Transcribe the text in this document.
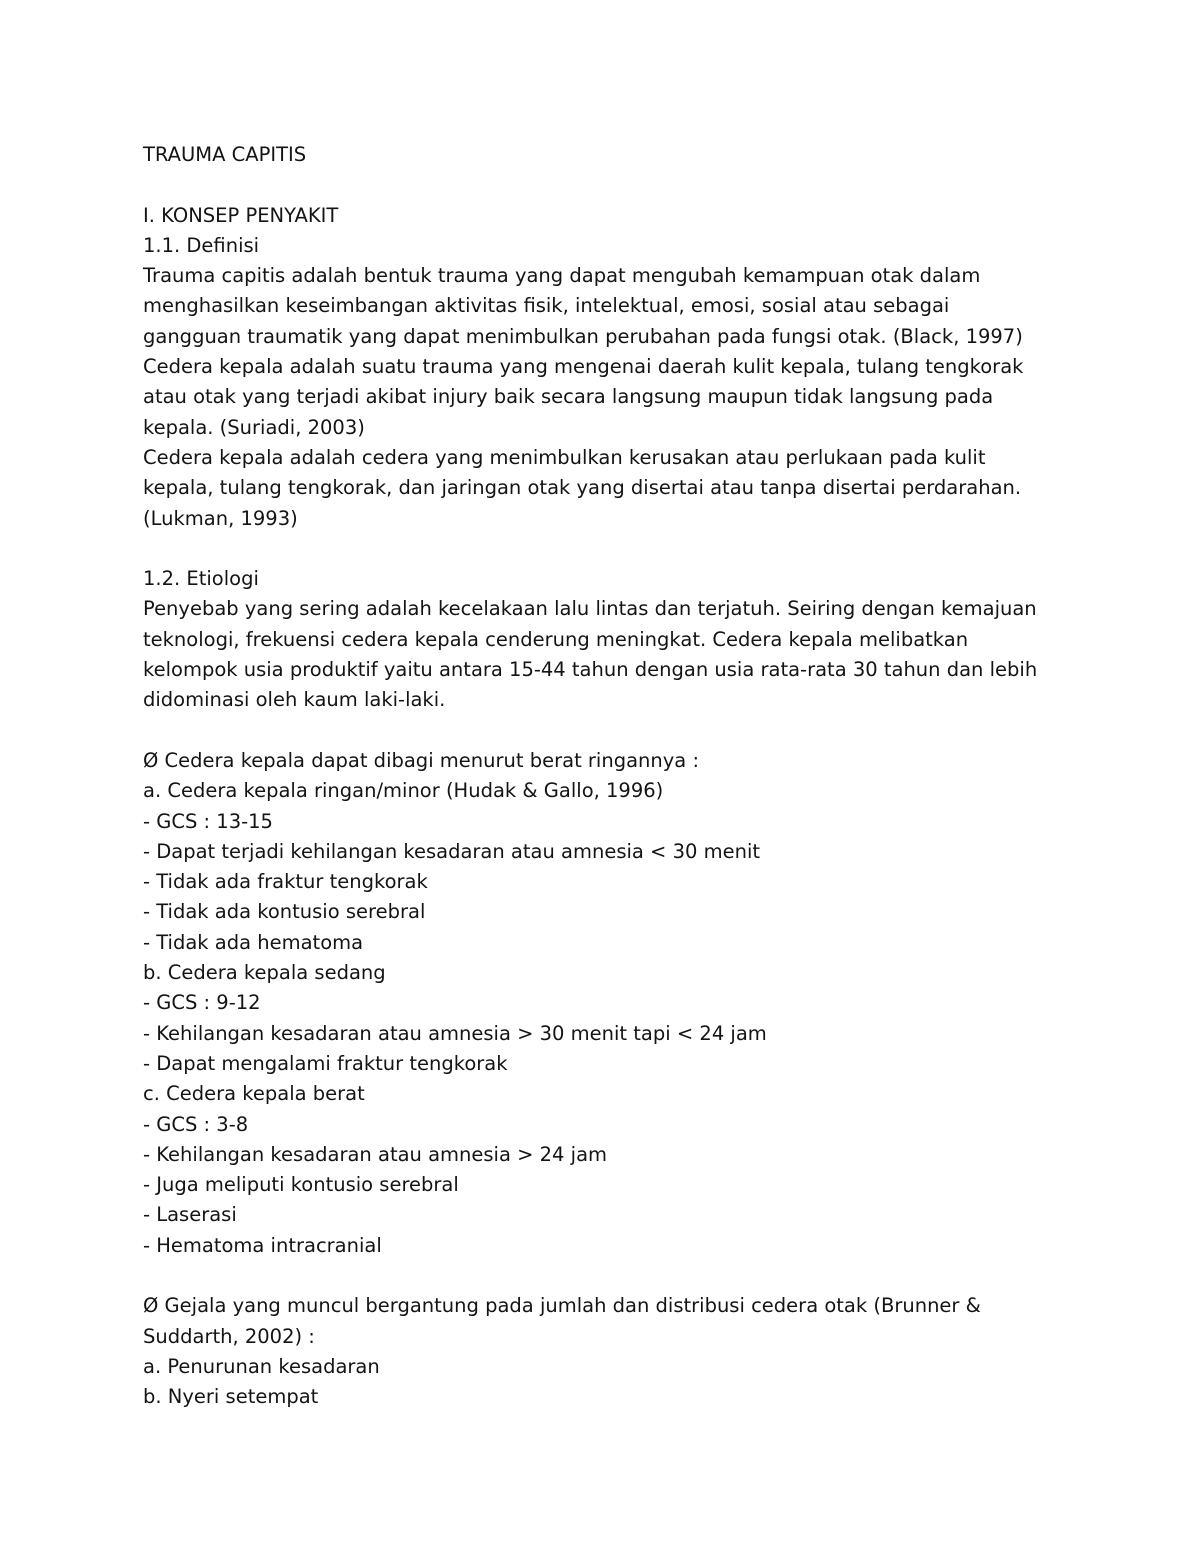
TRAUMA CAPITIS
I. KONSEP PENYAKIT
1.1. Definisi
Trauma capitis adalah bentuk trauma yang dapat mengubah kemampuan otak dalam
menghasilkan keseimbangan aktivitas fisik, intelektual, emosi, sosial atau sebagai
gangguan traumatik yang dapat menimbulkan perubahan pada fungsi otak. (Black, 1997)
Cedera kepala adalah suatu trauma yang mengenai daerah kulit kepala, tulang tengkorak
atau otak yang terjadi akibat injury baik secara langsung maupun tidak langsung pada
kepala. (Suriadi, 2003)
Cedera kepala adalah cedera yang menimbulkan kerusakan atau perlukaan pada kulit
kepala, tulang tengkorak, dan jaringan otak yang disertai atau tanpa disertai perdarahan.
(Lukman, 1993)
1.2. Etiologi
Penyebab yang sering adalah kecelakaan lalu lintas dan terjatuh. Seiring dengan kemajuan
teknologi, frekuensi cedera kepala cenderung meningkat. Cedera kepala melibatkan
kelompok usia produktif yaitu antara 15-44 tahun dengan usia rata-rata 30 tahun dan lebih
didominasi oleh kaum laki-laki.
Ø Cedera kepala dapat dibagi menurut berat ringannya :
a. Cedera kepala ringan/minor (Hudak & Gallo, 1996)
- GCS : 13-15
- Dapat terjadi kehilangan kesadaran atau amnesia < 30 menit
- Tidak ada fraktur tengkorak
- Tidak ada kontusio serebral
- Tidak ada hematoma
b. Cedera kepala sedang
- GCS : 9-12
- Kehilangan kesadaran atau amnesia > 30 menit tapi < 24 jam
- Dapat mengalami fraktur tengkorak
c. Cedera kepala berat
- GCS : 3-8
- Kehilangan kesadaran atau amnesia > 24 jam
- Juga meliputi kontusio serebral
- Laserasi
- Hematoma intracranial
Ø Gejala yang muncul bergantung pada jumlah dan distribusi cedera otak (Brunner &
Suddarth, 2002) :
a. Penurunan kesadaran
b. Nyeri setempat
